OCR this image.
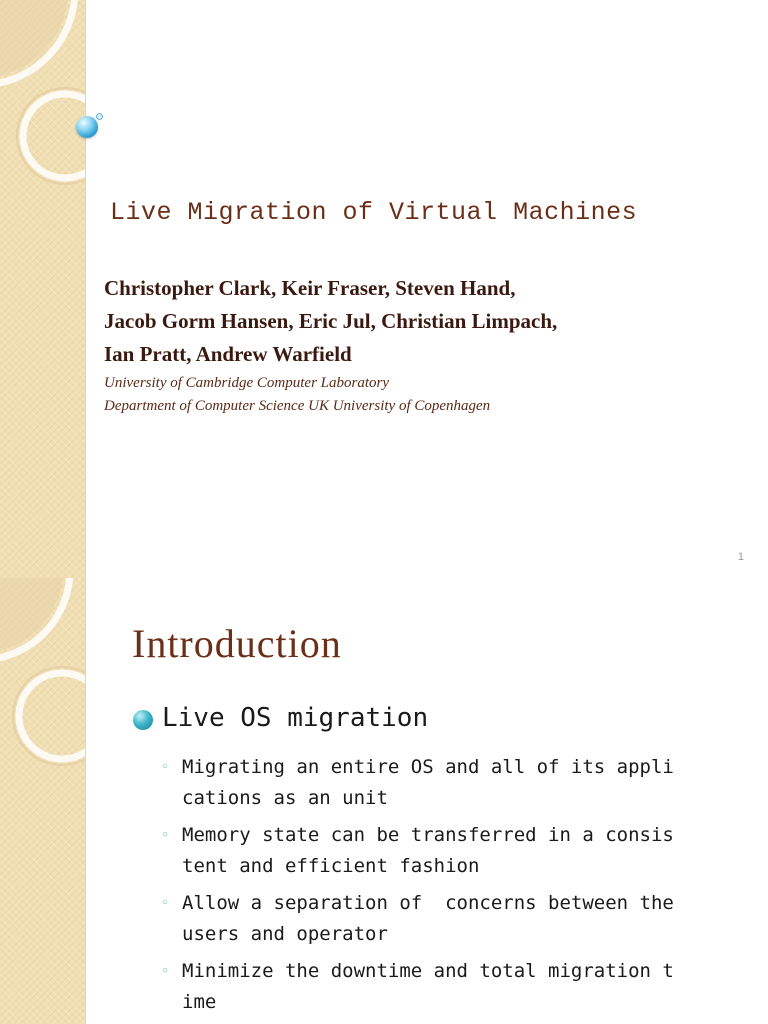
Live Migration of Virtual Machines
Christopher Clark, Keir Fraser, Steven Hand,
Jacob Gorm Hansen, Eric Jul, Christian Limpach,
Ian Pratt, Andrew Warfield
University of Cambridge Computer Laboratory
Department of Computer Science UK University of Copenhagen
1
Introduction
Live OS migration
◦ Migrating an entire OS and all of its appli
cations as an unit
◦ Memory state can be transferred in a consis
tent and efficient fashion
◦ Allow a separation of  concerns between the
users and operator
◦ Minimize the downtime and total migration t
ime
